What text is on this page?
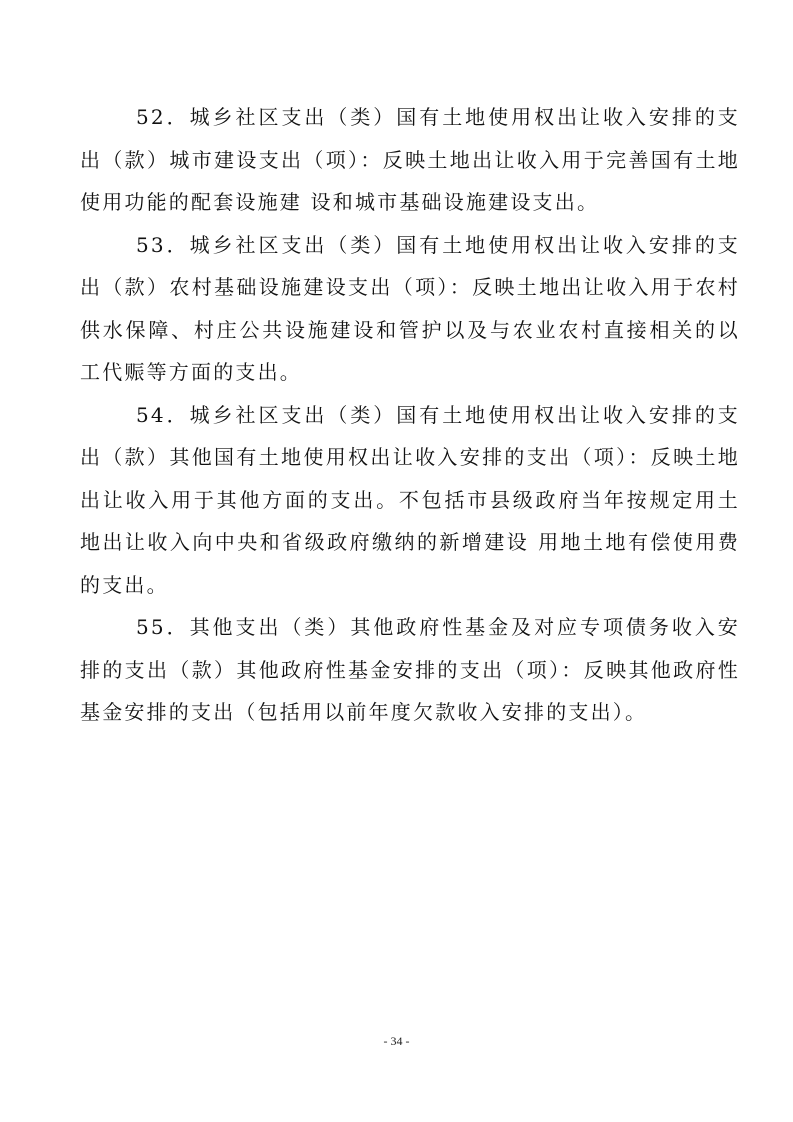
52．城乡社区支出（类）国有土地使用权出让收入安排的支出（款）城市建设支出（项）：反映土地出让收入用于完善国有土地使用功能的配套设施建 设和城市基础设施建设支出。

53．城乡社区支出（类）国有土地使用权出让收入安排的支出（款）农村基础设施建设支出（项）：反映土地出让收入用于农村供水保障、村庄公共设施建设和管护以及与农业农村直接相关的以工代赈等方面的支出。

54．城乡社区支出（类）国有土地使用权出让收入安排的支出（款）其他国有土地使用权出让收入安排的支出（项）：反映土地出让收入用于其他方面的支出。不包括市县级政府当年按规定用土地出让收入向中央和省级政府缴纳的新增建设 用地土地有偿使用费的支出。

55．其他支出（类）其他政府性基金及对应专项债务收入安排的支出（款）其他政府性基金安排的支出（项）：反映其他政府性基金安排的支出（包括用以前年度欠款收入安排的支出）。

- 34 -
